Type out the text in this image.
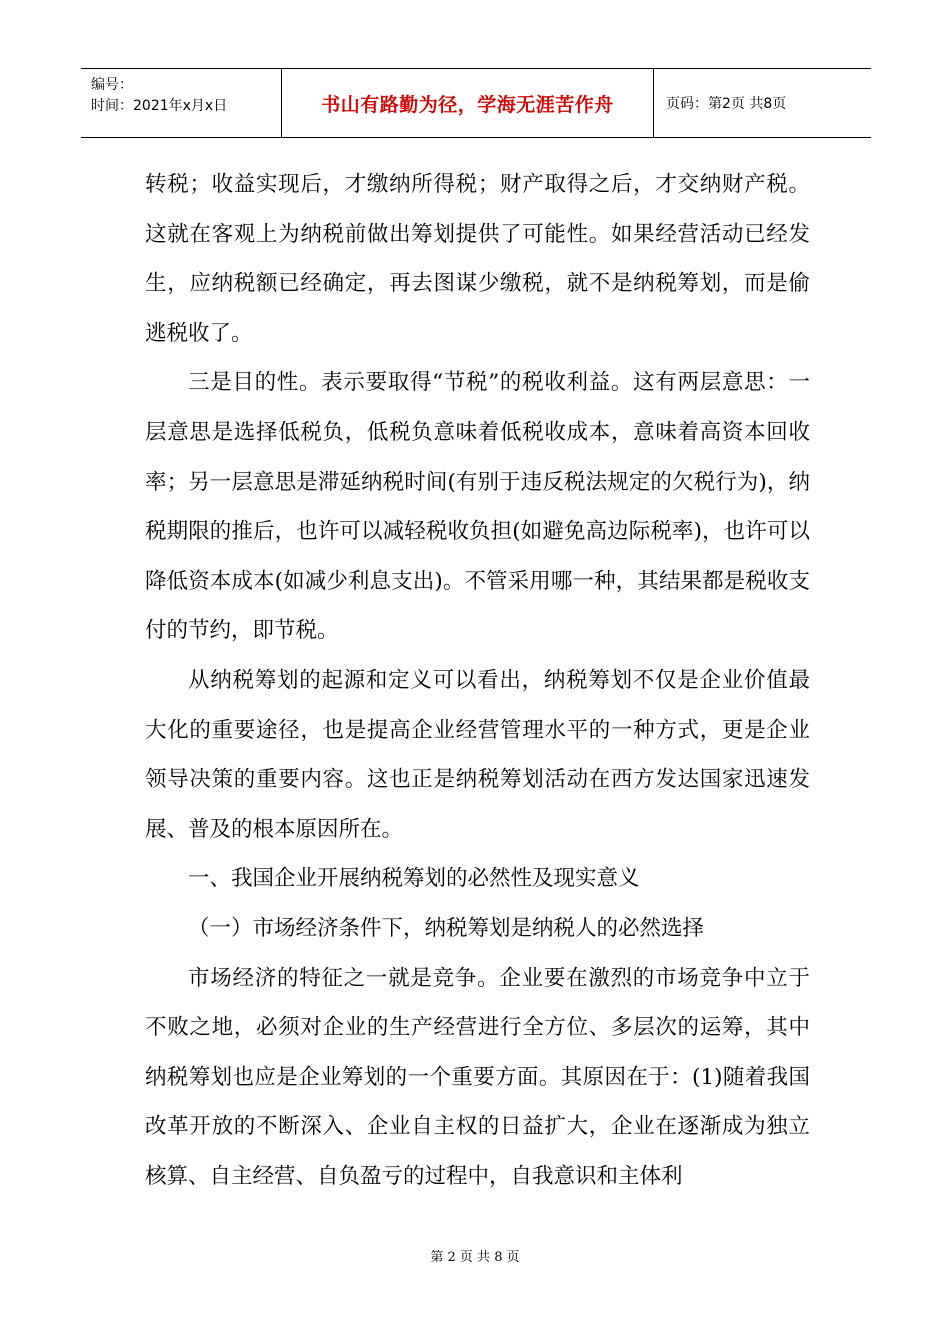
编号：
时间：2021年x月x日	书山有路勤为径，学海无涯苦作舟	页码：第2页 共8页

转税；收益实现后，才缴纳所得税；财产取得之后，才交纳财产税。这就在客观上为纳税前做出筹划提供了可能性。如果经营活动已经发生，应纳税额已经确定，再去图谋少缴税，就不是纳税筹划，而是偷逃税收了。

三是目的性。表示要取得“节税”的税收利益。这有两层意思：一层意思是选择低税负，低税负意味着低税收成本，意味着高资本回收率；另一层意思是滞延纳税时间(有别于违反税法规定的欠税行为)，纳税期限的推后，也许可以减轻税收负担(如避免高边际税率)，也许可以降低资本成本(如减少利息支出)。不管采用哪一种，其结果都是税收支付的节约，即节税。

从纳税筹划的起源和定义可以看出，纳税筹划不仅是企业价值最大化的重要途径，也是提高企业经营管理水平的一种方式，更是企业领导决策的重要内容。这也正是纳税筹划活动在西方发达国家迅速发展、普及的根本原因所在。

一、我国企业开展纳税筹划的必然性及现实意义

（一）市场经济条件下，纳税筹划是纳税人的必然选择

市场经济的特征之一就是竞争。企业要在激烈的市场竞争中立于不败之地，必须对企业的生产经营进行全方位、多层次的运筹，其中纳税筹划也应是企业筹划的一个重要方面。其原因在于：(1)随着我国改革开放的不断深入、企业自主权的日益扩大，企业在逐渐成为独立核算、自主经营、自负盈亏的过程中，自我意识和主体利

第 2 页 共 8 页
